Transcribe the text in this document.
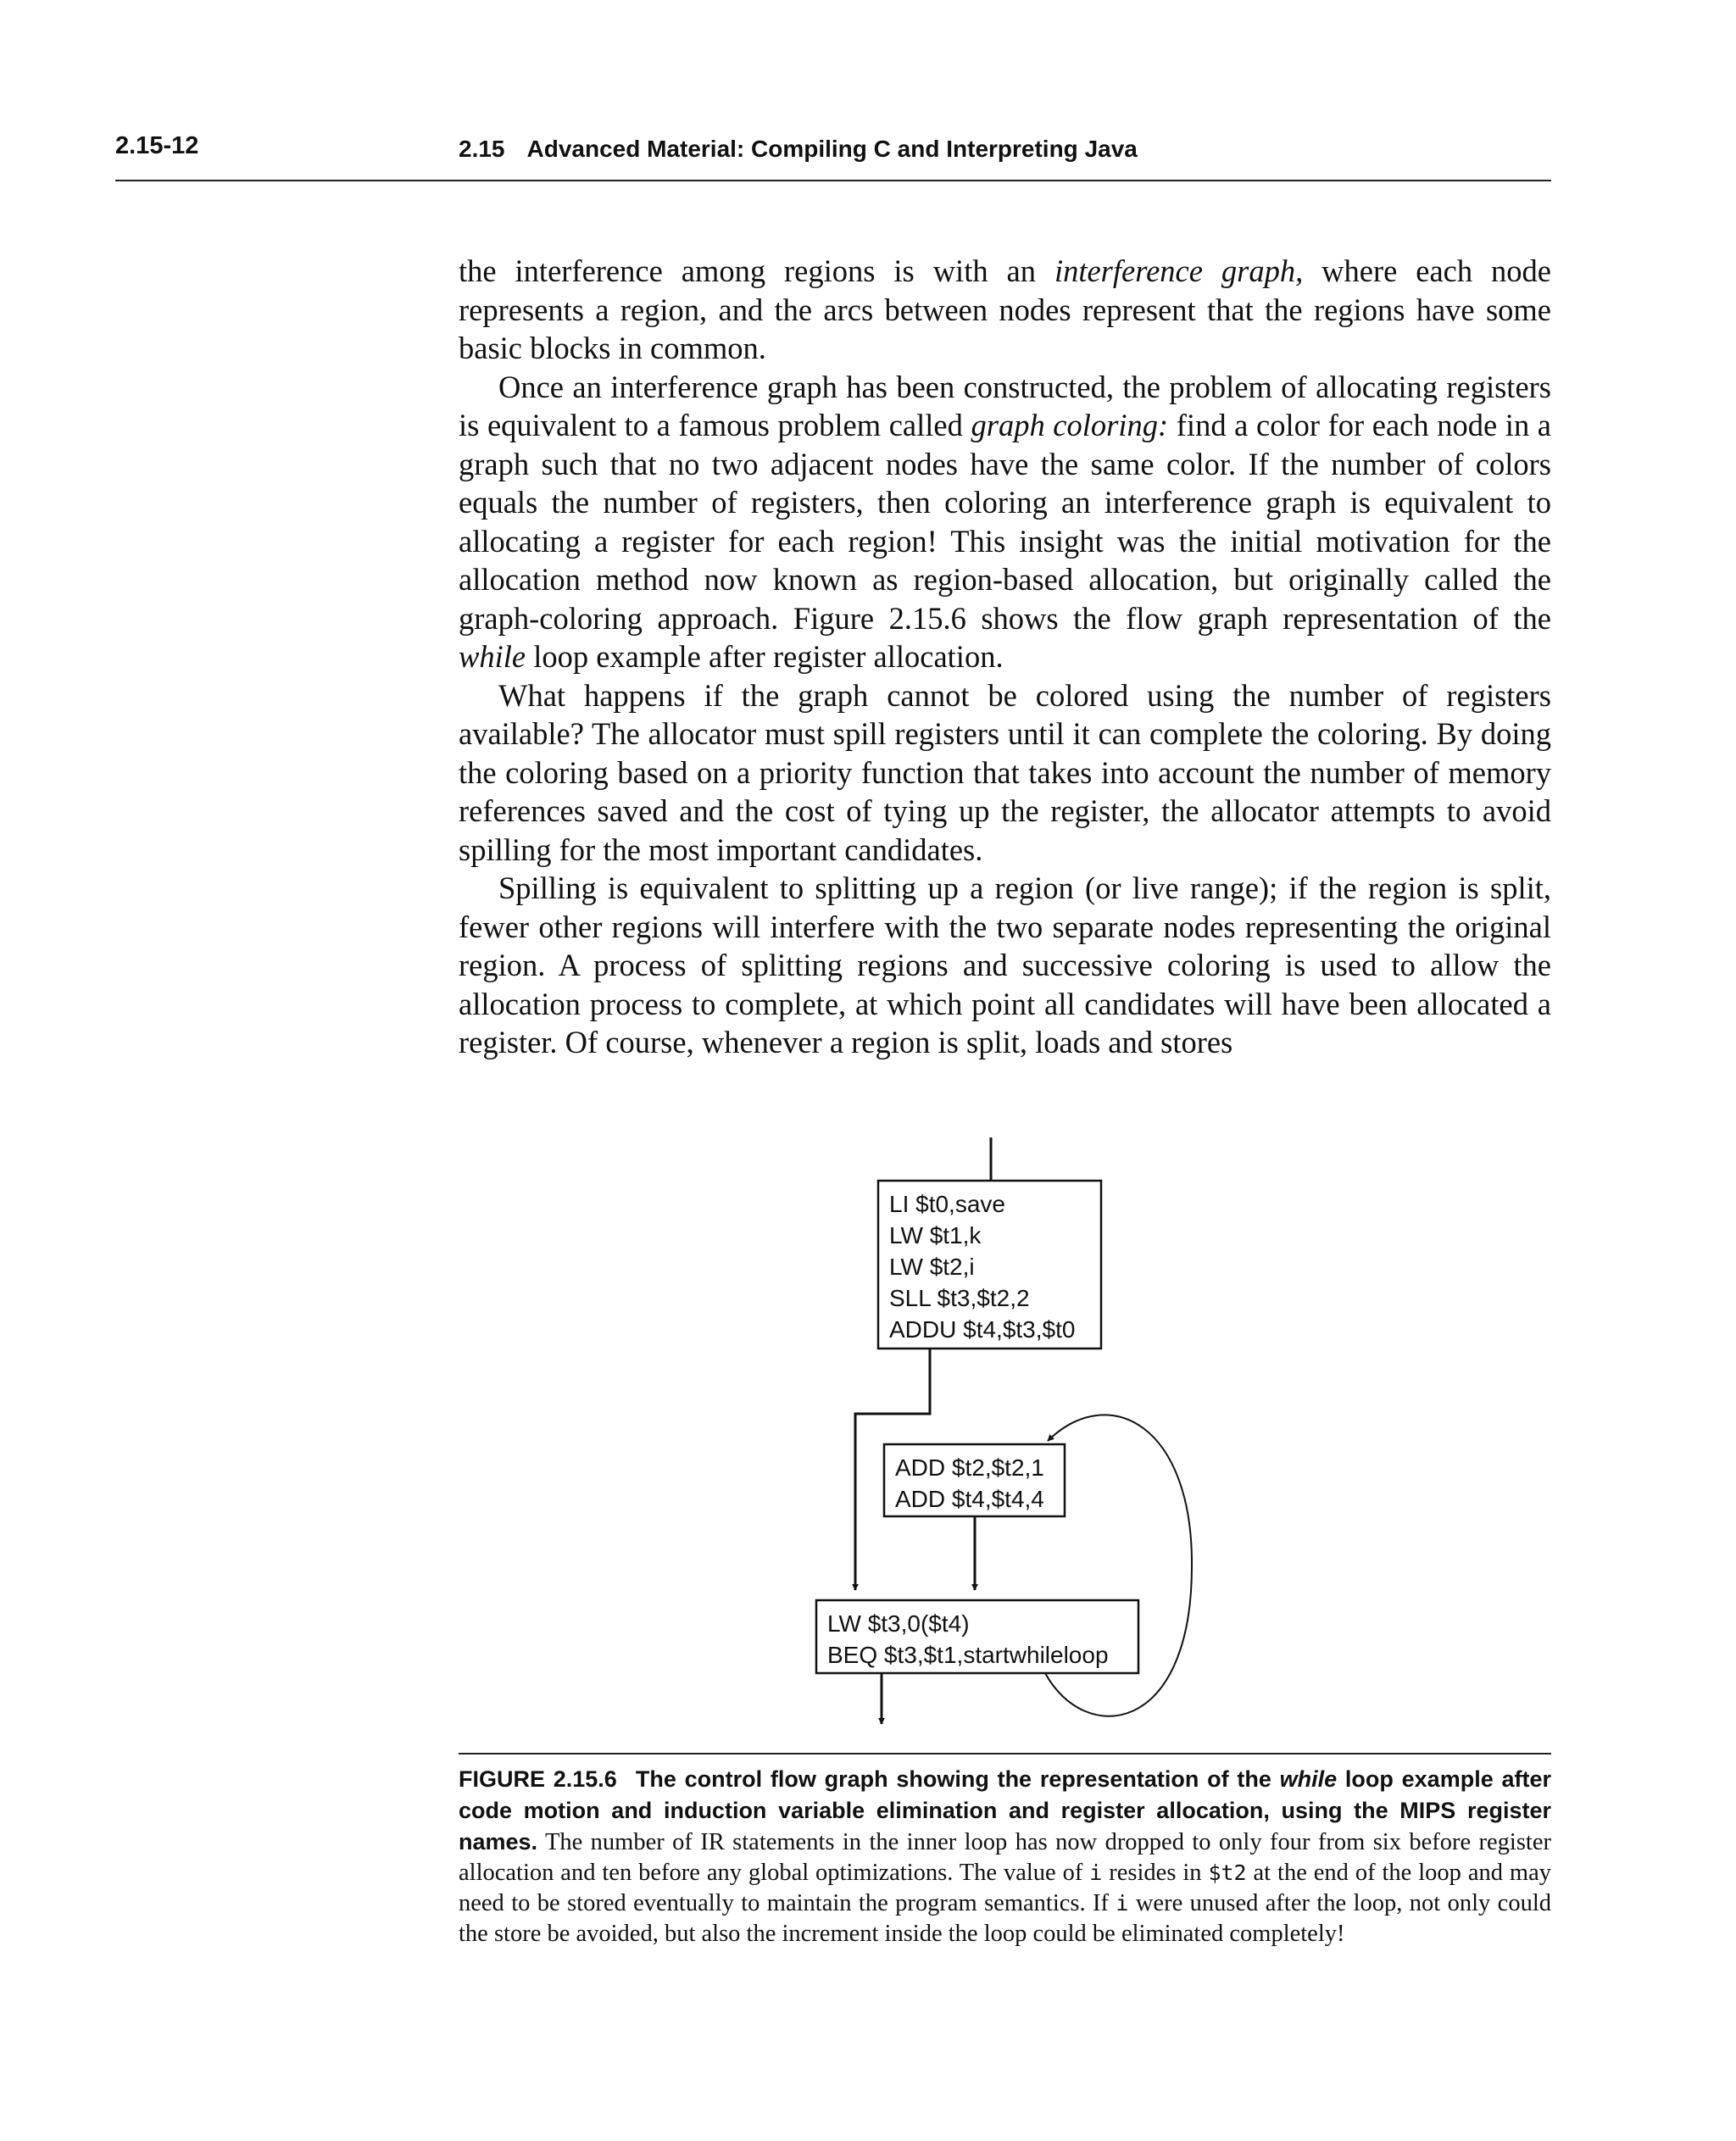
2.15-12	2.15 Advanced Material: Compiling C and Interpreting Java

the interference among regions is with an interference graph, where each node represents a region, and the arcs between nodes represent that the regions have some basic blocks in common.

Once an interference graph has been constructed, the problem of allocating registers is equivalent to a famous problem called graph coloring: find a color for each node in a graph such that no two adjacent nodes have the same color. If the number of colors equals the number of registers, then coloring an interference graph is equivalent to allocating a register for each region! This insight was the initial motivation for the allocation method now known as region-based allocation, but originally called the graph-coloring approach. Figure 2.15.6 shows the flow graph representation of the while loop example after register allocation.

What happens if the graph cannot be colored using the number of registers available? The allocator must spill registers until it can complete the coloring. By doing the coloring based on a priority function that takes into account the number of memory references saved and the cost of tying up the register, the allocator attempts to avoid spilling for the most important candidates.

Spilling is equivalent to splitting up a region (or live range); if the region is split, fewer other regions will interfere with the two separate nodes representing the original region. A process of splitting regions and successive coloring is used to allow the allocation process to complete, at which point all candidates will have been allocated a register. Of course, whenever a region is split, loads and stores

LI $t0,save
LW $t1,k
LW $t2,i
SLL $t3,$t2,2
ADDU $t4,$t3,$t0
ADD $t2,$t2,1
ADD $t4,$t4,4
LW $t3,0($t4)
BEQ $t3,$t1,startwhileloop
FIGURE 2.15.6 The control flow graph showing the representation of the while loop example after code motion and induction variable elimination and register allocation, using the MIPS register names. The number of IR statements in the inner loop has now dropped to only four from six before register allocation and ten before any global optimizations. The value of i resides in $t2 at the end of the loop and may need to be stored eventually to maintain the program semantics. If i were unused after the loop, not only could the store be avoided, but also the increment inside the loop could be eliminated completely!
